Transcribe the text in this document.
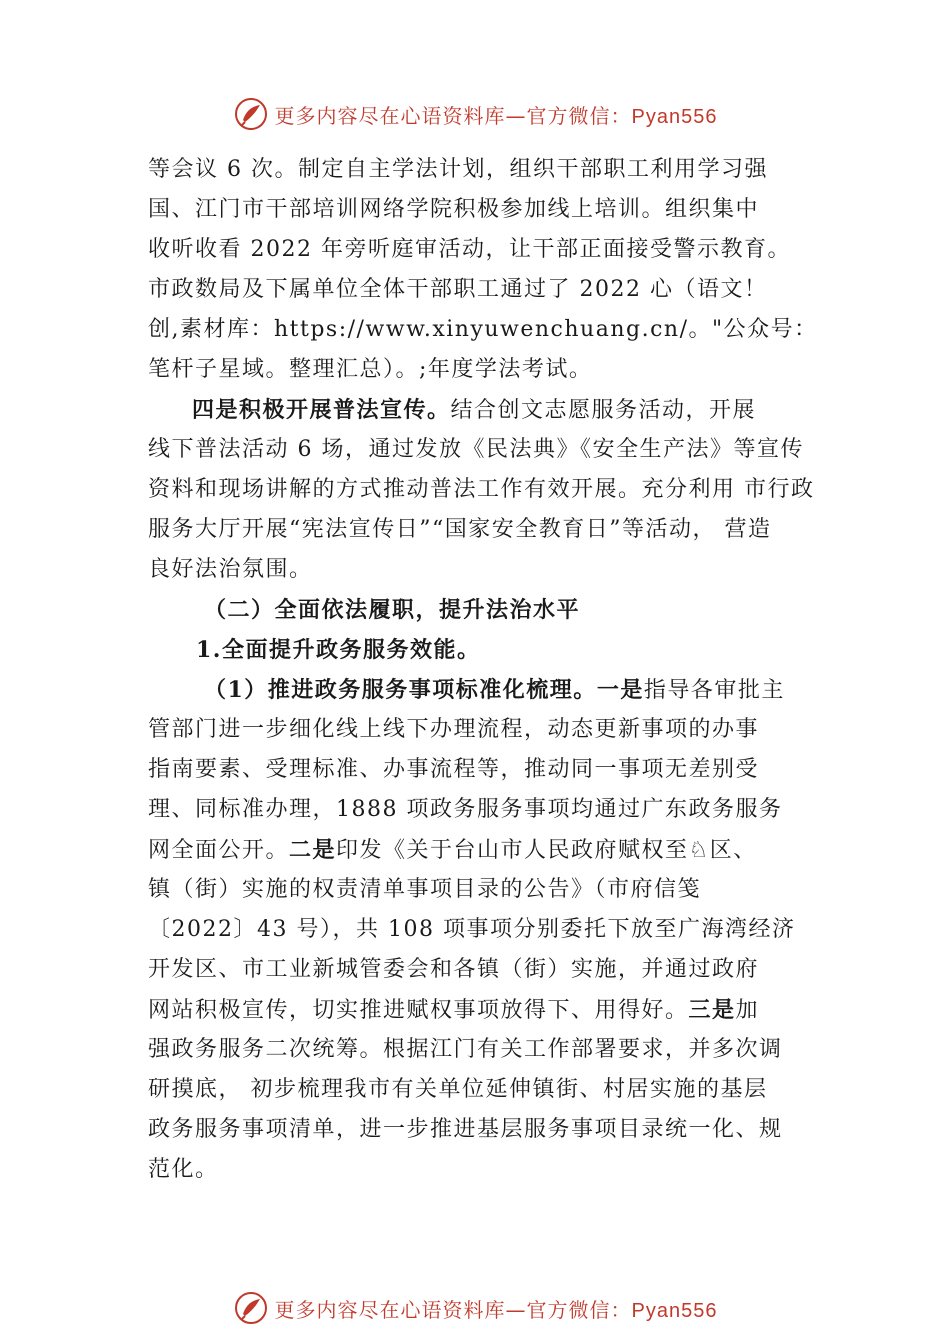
更多内容尽在心语资料库—官方微信：Pyan556
等会议 6 次。制定自主学法计划，组织干部职工利用学习强
国、江门市干部培训网络学院积极参加线上培训。组织集中
收听收看 2022 年旁听庭审活动，让干部正面接受警示教育。
市政数局及下属单位全体干部职工通过了 2022 心（语文！
创,素材库：https://www.xinyuwenchuang.cn/。"公众号：
笔杆子星域。整理汇总）。;年度学法考试。
四是积极开展普法宣传。结合创文志愿服务活动，开展
线下普法活动 6 场，通过发放《民法典》《安全生产法》等宣传
资料和现场讲解的方式推动普法工作有效开展。充分利用 市行政
服务大厅开展“宪法宣传日”“国家安全教育日”等活动， 营造
良好法治氛围。
（二）全面依法履职，提升法治水平
1.全面提升政务服务效能。
（1）推进政务服务事项标准化梳理。一是指导各审批主
管部门进一步细化线上线下办理流程，动态更新事项的办事
指南要素、受理标准、办事流程等，推动同一事项无差别受
理、同标准办理，1888 项政务服务事项均通过广东政务服务
网全面公开。二是印发《关于台山市人民政府赋权至♘区、
镇（街）实施的权责清单事项目录的公告》（市府信笺
〔2022〕43 号），共 108 项事项分别委托下放至广海湾经济
开发区、市工业新城管委会和各镇（街）实施，并通过政府
网站积极宣传，切实推进赋权事项放得下、用得好。三是加
强政务服务二次统筹。根据江门有关工作部署要求，并多次调
研摸底， 初步梳理我市有关单位延伸镇街、村居实施的基层
政务服务事项清单，进一步推进基层服务事项目录统一化、规
范化。
更多内容尽在心语资料库—官方微信：Pyan556
